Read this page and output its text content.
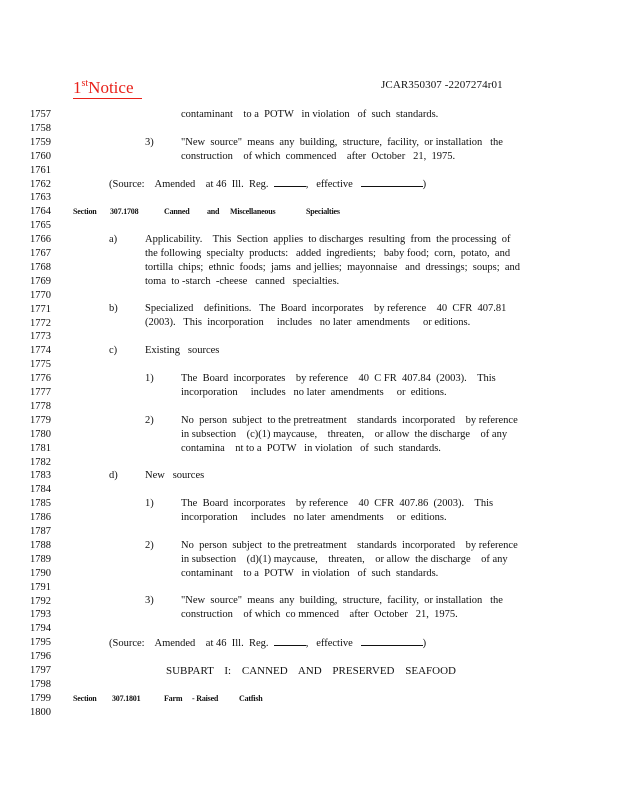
1stNotice	JCAR350307 -2207274r01
1757
1758
1759
1760
1761
1762
1763
1764
1765
1766
1767
1768
1769
1770
1771
1772
1773
1774
1775
1776
1777
1778
1779
1780
1781
1782
1783
1784
1785
1786
1787
1788
1789
1790
1791
1792
1793
1794
1795
1796
1797
1798
1799
1800
contaminant    to a  POTW   in violation   of  such  standards.
3)	"New  source"  means  any  building,  structure,  facility,  or installation   the
construction    of which  commenced    after  October   21,  1975.
(Source:    Amended    at 46  Ill.  Reg.	,   effective	)
Section 307.1708	Canned and Miscellaneous	Specialties
a)	Applicability.    This  Section  applies  to discharges  resulting  from  the processing  of
the following  specialty  products:   added  ingredients;   baby food;  corn,  potato,  and
tortilla  chips;  ethnic  foods;  jams  and jellies;  mayonnaise   and  dressings;  soups;  and
toma  to -starch  -cheese   canned   specialties.
b)	Specialized    definitions.   The  Board  incorporates    by reference    40  CFR  407.81
(2003).   This  incorporation     includes   no later  amendments     or editions.
c)	Existing   sources
1)	The  Board  incorporates    by reference    40  C FR  407.84  (2003).    This
incorporation     includes   no later  amendments     or  editions.
2)	No  person  subject  to the pretreatment    standards  incorporated    by reference
in subsection    (c)(1) maycause,    threaten,    or allow  the discharge    of any
contamina    nt to a  POTW   in violation   of  such  standards.
d)	New   sources
1)	The  Board  incorporates    by reference    40  CFR  407.86  (2003).    This
incorporation     includes   no later  amendments     or  editions.
2)	No  person  subject  to the pretreatment    standards  incorporated    by reference
in subsection    (d)(1) maycause,    threaten,    or allow  the discharge    of any
contaminant    to a  POTW   in violation   of  such  standards.
3)	"New  source"  means  any  building,  structure,  facility,  or installation   the
construction    of which  co mmenced    after  October   21,  1975.
(Source:    Amended    at 46  Ill.  Reg.	,   effective	)
SUBPART I: CANNED AND PRESERVED SEAFOOD
Section 307.1801	Farm - Raised	Catfish
